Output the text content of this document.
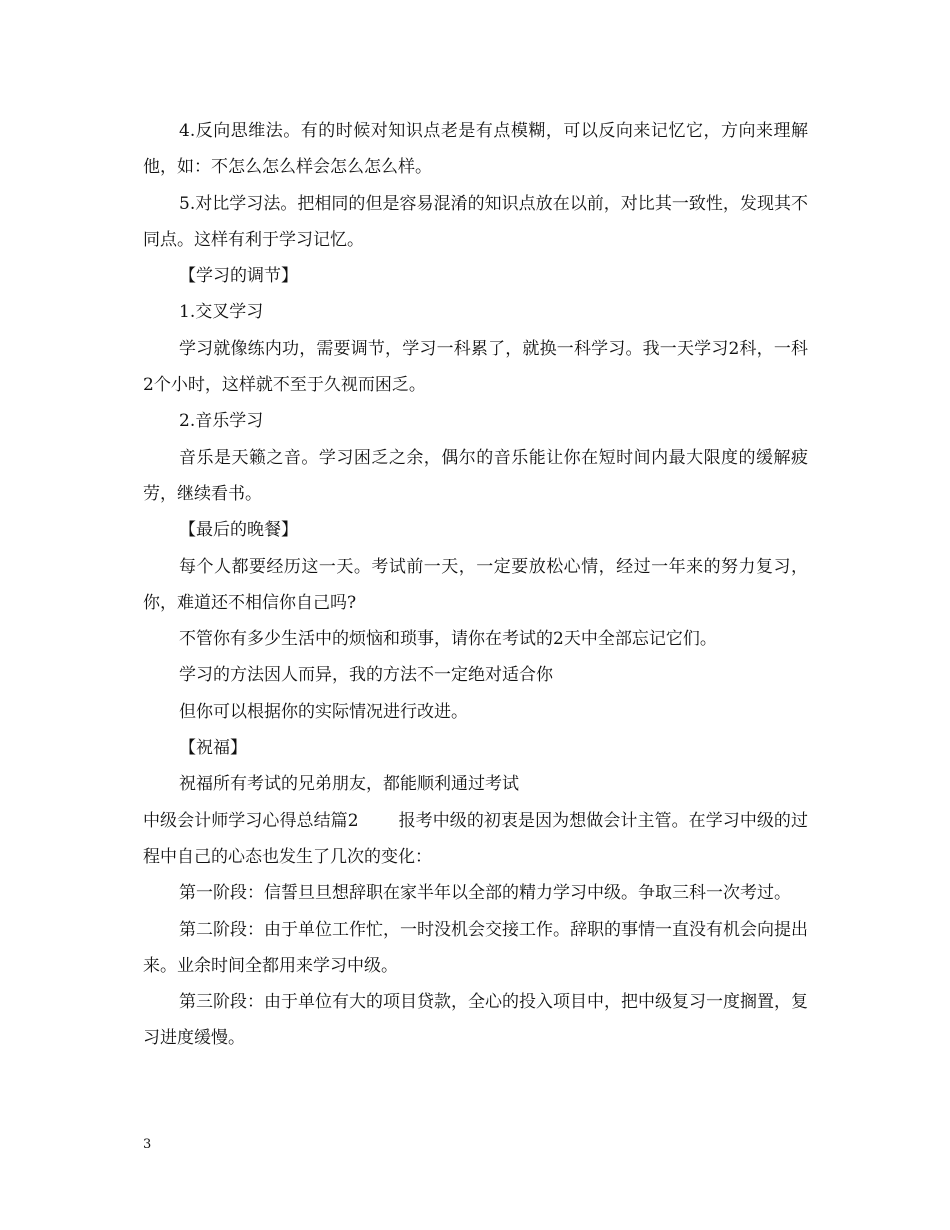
4.反向思维法。有的时候对知识点老是有点模糊，可以反向来记忆它，方向来理解他，如：不怎么怎么样会怎么怎么样。

5.对比学习法。把相同的但是容易混淆的知识点放在以前，对比其一致性，发现其不同点。这样有利于学习记忆。

【学习的调节】

1.交叉学习

学习就像练内功，需要调节，学习一科累了，就换一科学习。我一天学习2科，一科2个小时，这样就不至于久视而困乏。

2.音乐学习

音乐是天籁之音。学习困乏之余，偶尔的音乐能让你在短时间内最大限度的缓解疲劳，继续看书。

【最后的晚餐】

每个人都要经历这一天。考试前一天，一定要放松心情，经过一年来的努力复习，你，难道还不相信你自己吗?

不管你有多少生活中的烦恼和琐事，请你在考试的2天中全部忘记它们。

学习的方法因人而异，我的方法不一定绝对适合你

但你可以根据你的实际情况进行改进。

【祝福】

祝福所有考试的兄弟朋友，都能顺利通过考试

中级会计师学习心得总结篇2 报考中级的初衷是因为想做会计主管。在学习中级的过程中自己的心态也发生了几次的变化：

第一阶段：信誓旦旦想辞职在家半年以全部的精力学习中级。争取三科一次考过。

第二阶段：由于单位工作忙，一时没机会交接工作。辞职的事情一直没有机会向提出来。业余时间全都用来学习中级。

第三阶段：由于单位有大的项目贷款，全心的投入项目中，把中级复习一度搁置，复习进度缓慢。

3
